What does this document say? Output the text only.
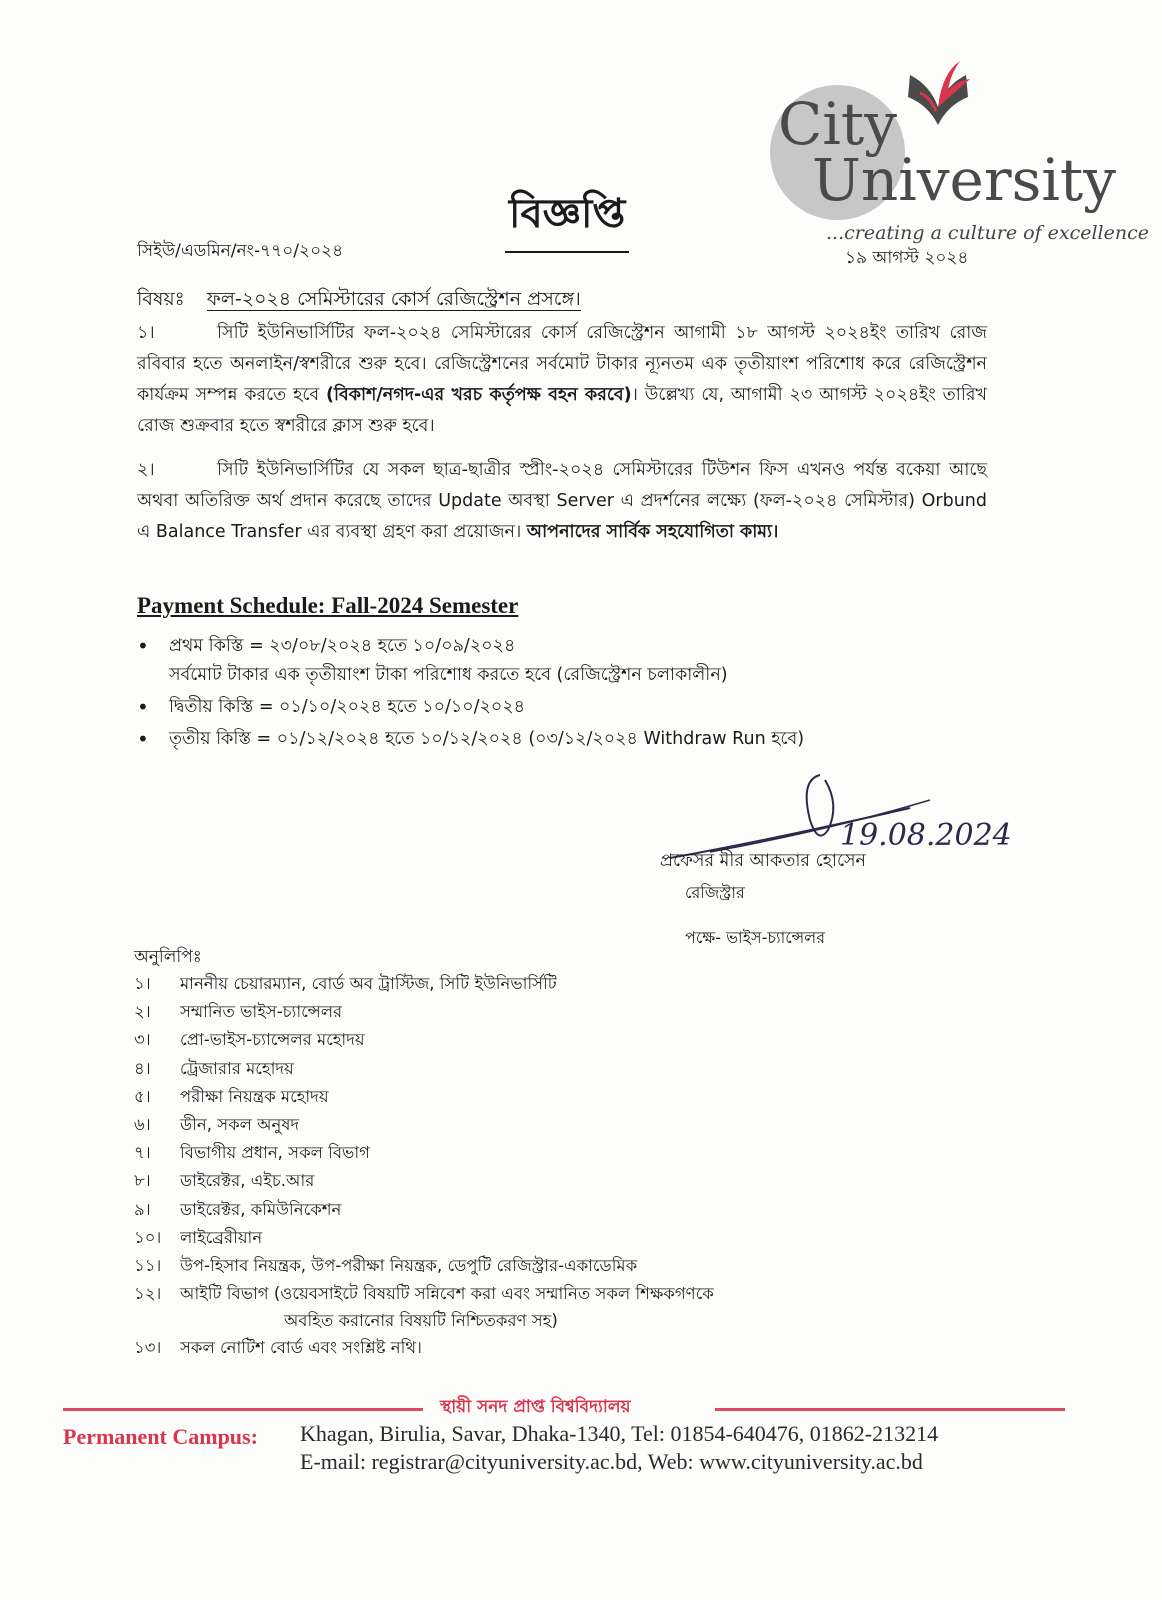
City
University
...creating a culture of excellence
বিজ্ঞপ্তি
সিইউ/এডমিন/নং-৭৭০/২০২৪	১৯ আগস্ট ২০২৪
বিষয়ঃ ফল-২০২৪ সেমিস্টারের কোর্স রেজিস্ট্রেশন প্রসঙ্গে।
১।	সিটি ইউনিভার্সিটির ফল-২০২৪ সেমিস্টারের কোর্স রেজিস্ট্রেশন আগামী ১৮ আগস্ট ২০২৪ইং তারিখ রোজ রবিবার হতে অনলাইন/স্বশরীরে শুরু হবে। রেজিস্ট্রেশনের সর্বমোট টাকার ন্যূনতম এক তৃতীয়াংশ পরিশোধ করে রেজিস্ট্রেশন কার্যক্রম সম্পন্ন করতে হবে (বিকাশ/নগদ-এর খরচ কর্তৃপক্ষ বহন করবে)। উল্লেখ্য যে, আগামী ২৩ আগস্ট ২০২৪ইং তারিখ রোজ শুক্রবার হতে স্বশরীরে ক্লাস শুরু হবে।
২।	সিটি ইউনিভার্সিটির যে সকল ছাত্র-ছাত্রীর স্প্রীং-২০২৪ সেমিস্টারের টিউশন ফিস এখনও পর্যন্ত বকেয়া আছে অথবা অতিরিক্ত অর্থ প্রদান করেছে তাদের Update অবস্থা Server এ প্রদর্শনের লক্ষ্যে (ফল-২০২৪ সেমিস্টার) Orbund এ Balance Transfer এর ব্যবস্থা গ্রহণ করা প্রয়োজন। আপনাদের সার্বিক সহযোগিতা কাম্য।
Payment Schedule: Fall-2024 Semester
• প্রথম কিস্তি = ২৩/০৮/২০২৪ হতে ১০/০৯/২০২৪
সর্বমোট টাকার এক তৃতীয়াংশ টাকা পরিশোধ করতে হবে (রেজিস্ট্রেশন চলাকালীন)
• দ্বিতীয় কিস্তি = ০১/১০/২০২৪ হতে ১০/১০/২০২৪
• তৃতীয় কিস্তি = ০১/১২/২০২৪ হতে ১০/১২/২০২৪ (০৩/১২/২০২৪ Withdraw Run হবে)
19.08.2024
প্রফেসর মীর আকতার হোসেন
রেজিস্ট্রার
পক্ষে- ভাইস-চ্যান্সেলর
অনুলিপিঃ
১। মাননীয় চেয়ারম্যান, বোর্ড অব ট্রাস্টিজ, সিটি ইউনিভার্সিটি
২। সম্মানিত ভাইস-চ্যান্সেলর
৩। প্রো-ভাইস-চ্যান্সেলর মহোদয়
৪। ট্রেজারার মহোদয়
৫। পরীক্ষা নিয়ন্ত্রক মহোদয়
৬। ডীন, সকল অনুষদ
৭। বিভাগীয় প্রধান, সকল বিভাগ
৮। ডাইরেক্টর, এইচ.আর
৯। ডাইরেক্টর, কমিউনিকেশন
১০। লাইব্রেরীয়ান
১১। উপ-হিসাব নিয়ন্ত্রক, উপ-পরীক্ষা নিয়ন্ত্রক, ডেপুটি রেজিস্ট্রার-একাডেমিক
১২। আইটি বিভাগ (ওয়েবসাইটে বিষয়টি সন্নিবেশ করা এবং সম্মানিত সকল শিক্ষকগণকে
অবহিত করানোর বিষয়টি নিশ্চিতকরণ সহ)
১৩। সকল নোটিশ বোর্ড এবং সংশ্লিষ্ট নথি।
স্থায়ী সনদ প্রাপ্ত বিশ্ববিদ্যালয়
Permanent Campus: Khagan, Birulia, Savar, Dhaka-1340, Tel: 01854-640476, 01862-213214
E-mail: registrar@cityuniversity.ac.bd, Web: www.cityuniversity.ac.bd
